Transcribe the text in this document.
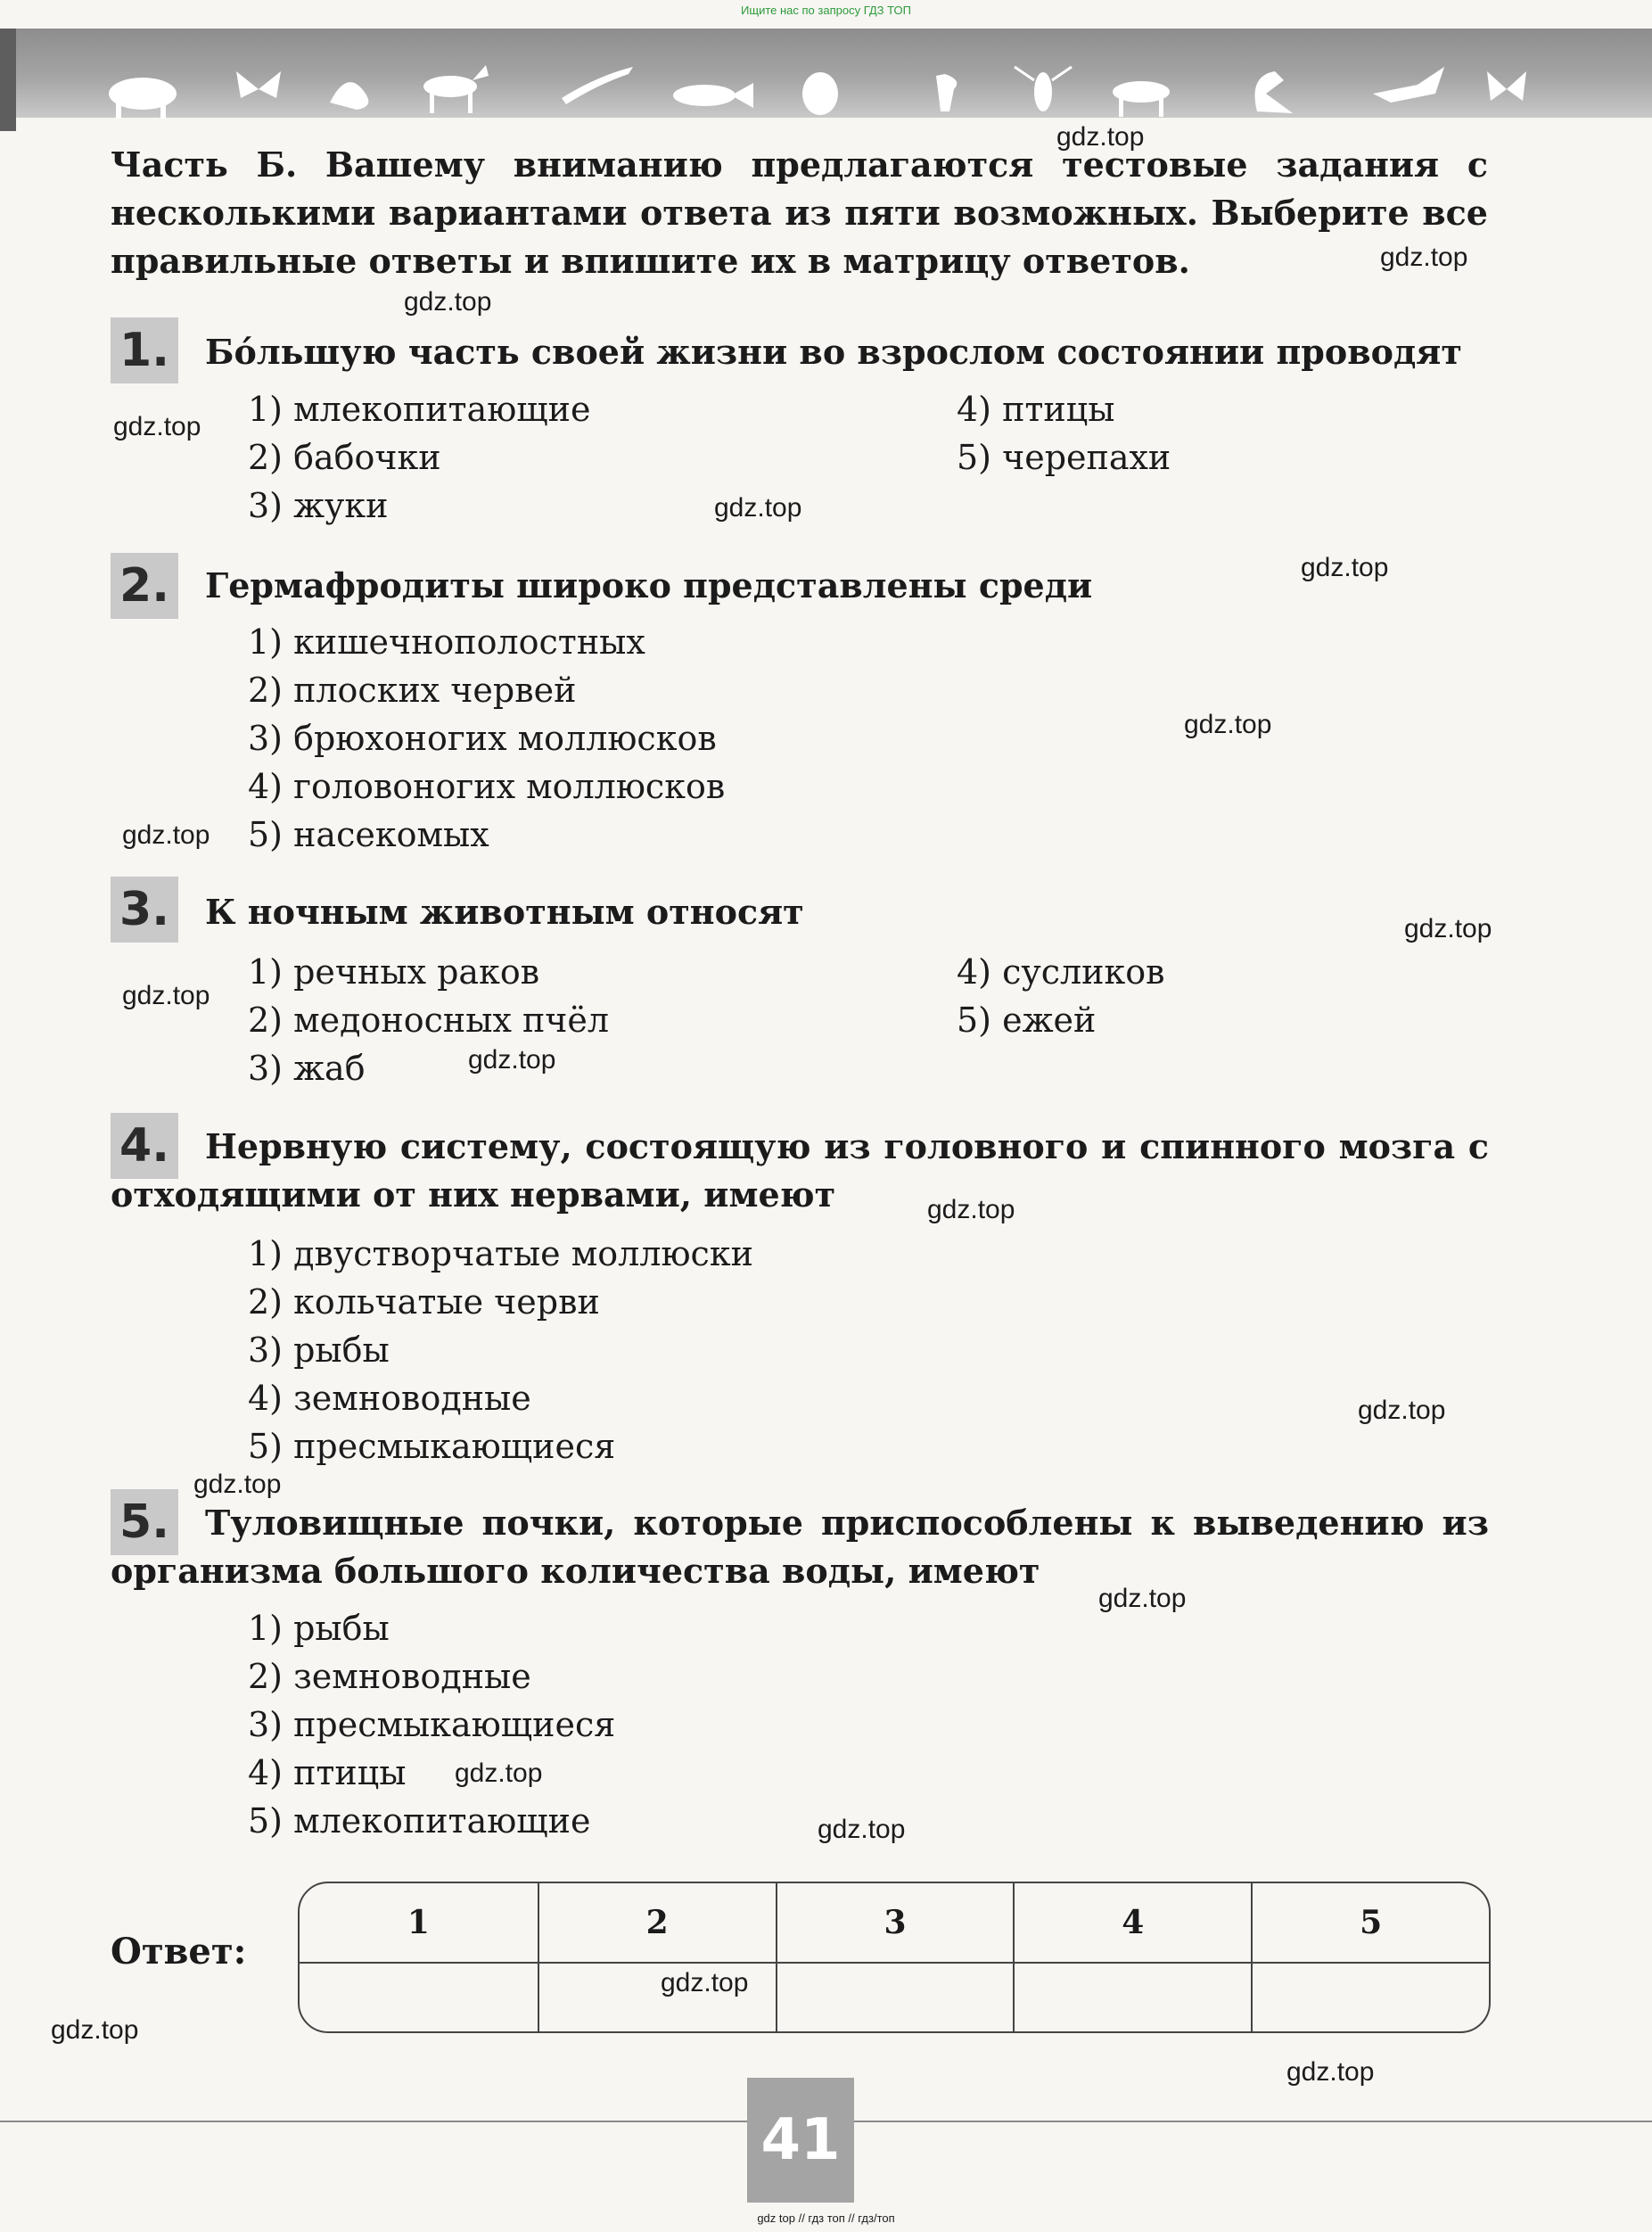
Ищите нас по запросу ГДЗ ТОП
Часть Б. Вашему вниманию предлагаются тестовые задания с несколькими вариантами ответа из пяти возможных. Выберите все правильные ответы и впишите их в матрицу ответов.
1. Бóльшую часть своей жизни во взрослом состоянии проводят
1) млекопитающие
2) бабочки
3) жуки
4) птицы
5) черепахи
2. Гермафродиты широко представлены среди
1) кишечнополостных
2) плоских червей
3) брюхоногих моллюсков
4) головоногих моллюсков
5) насекомых
3. К ночным животным относят
1) речных раков
2) медоносных пчёл
3) жаб
4) сусликов
5) ежей
4.	Нервную систему, состоящую из головного и спинного мозга с отходящими от них нервами, имеют
1) двустворчатые моллюски
2) кольчатые черви
3) рыбы
4) земноводные
5) пресмыкающиеся
5.	Туловищные почки, которые приспособлены к выведению из организма большого количества воды, имеют
1) рыбы
2) земноводные
3) пресмыкающиеся
4) птицы
5) млекопитающие
Ответ:
1	2	3	4	5

gdz.top
gdz.top
gdz.top
gdz.top
gdz.top
gdz.top
gdz.top
gdz.top
gdz.top
gdz.top
gdz.top
gdz.top
gdz.top
gdz.top
gdz.top
gdz.top
gdz.top
gdz.top
gdz.top
gdz.top
41
gdz top // гдз топ // гдз/топ
